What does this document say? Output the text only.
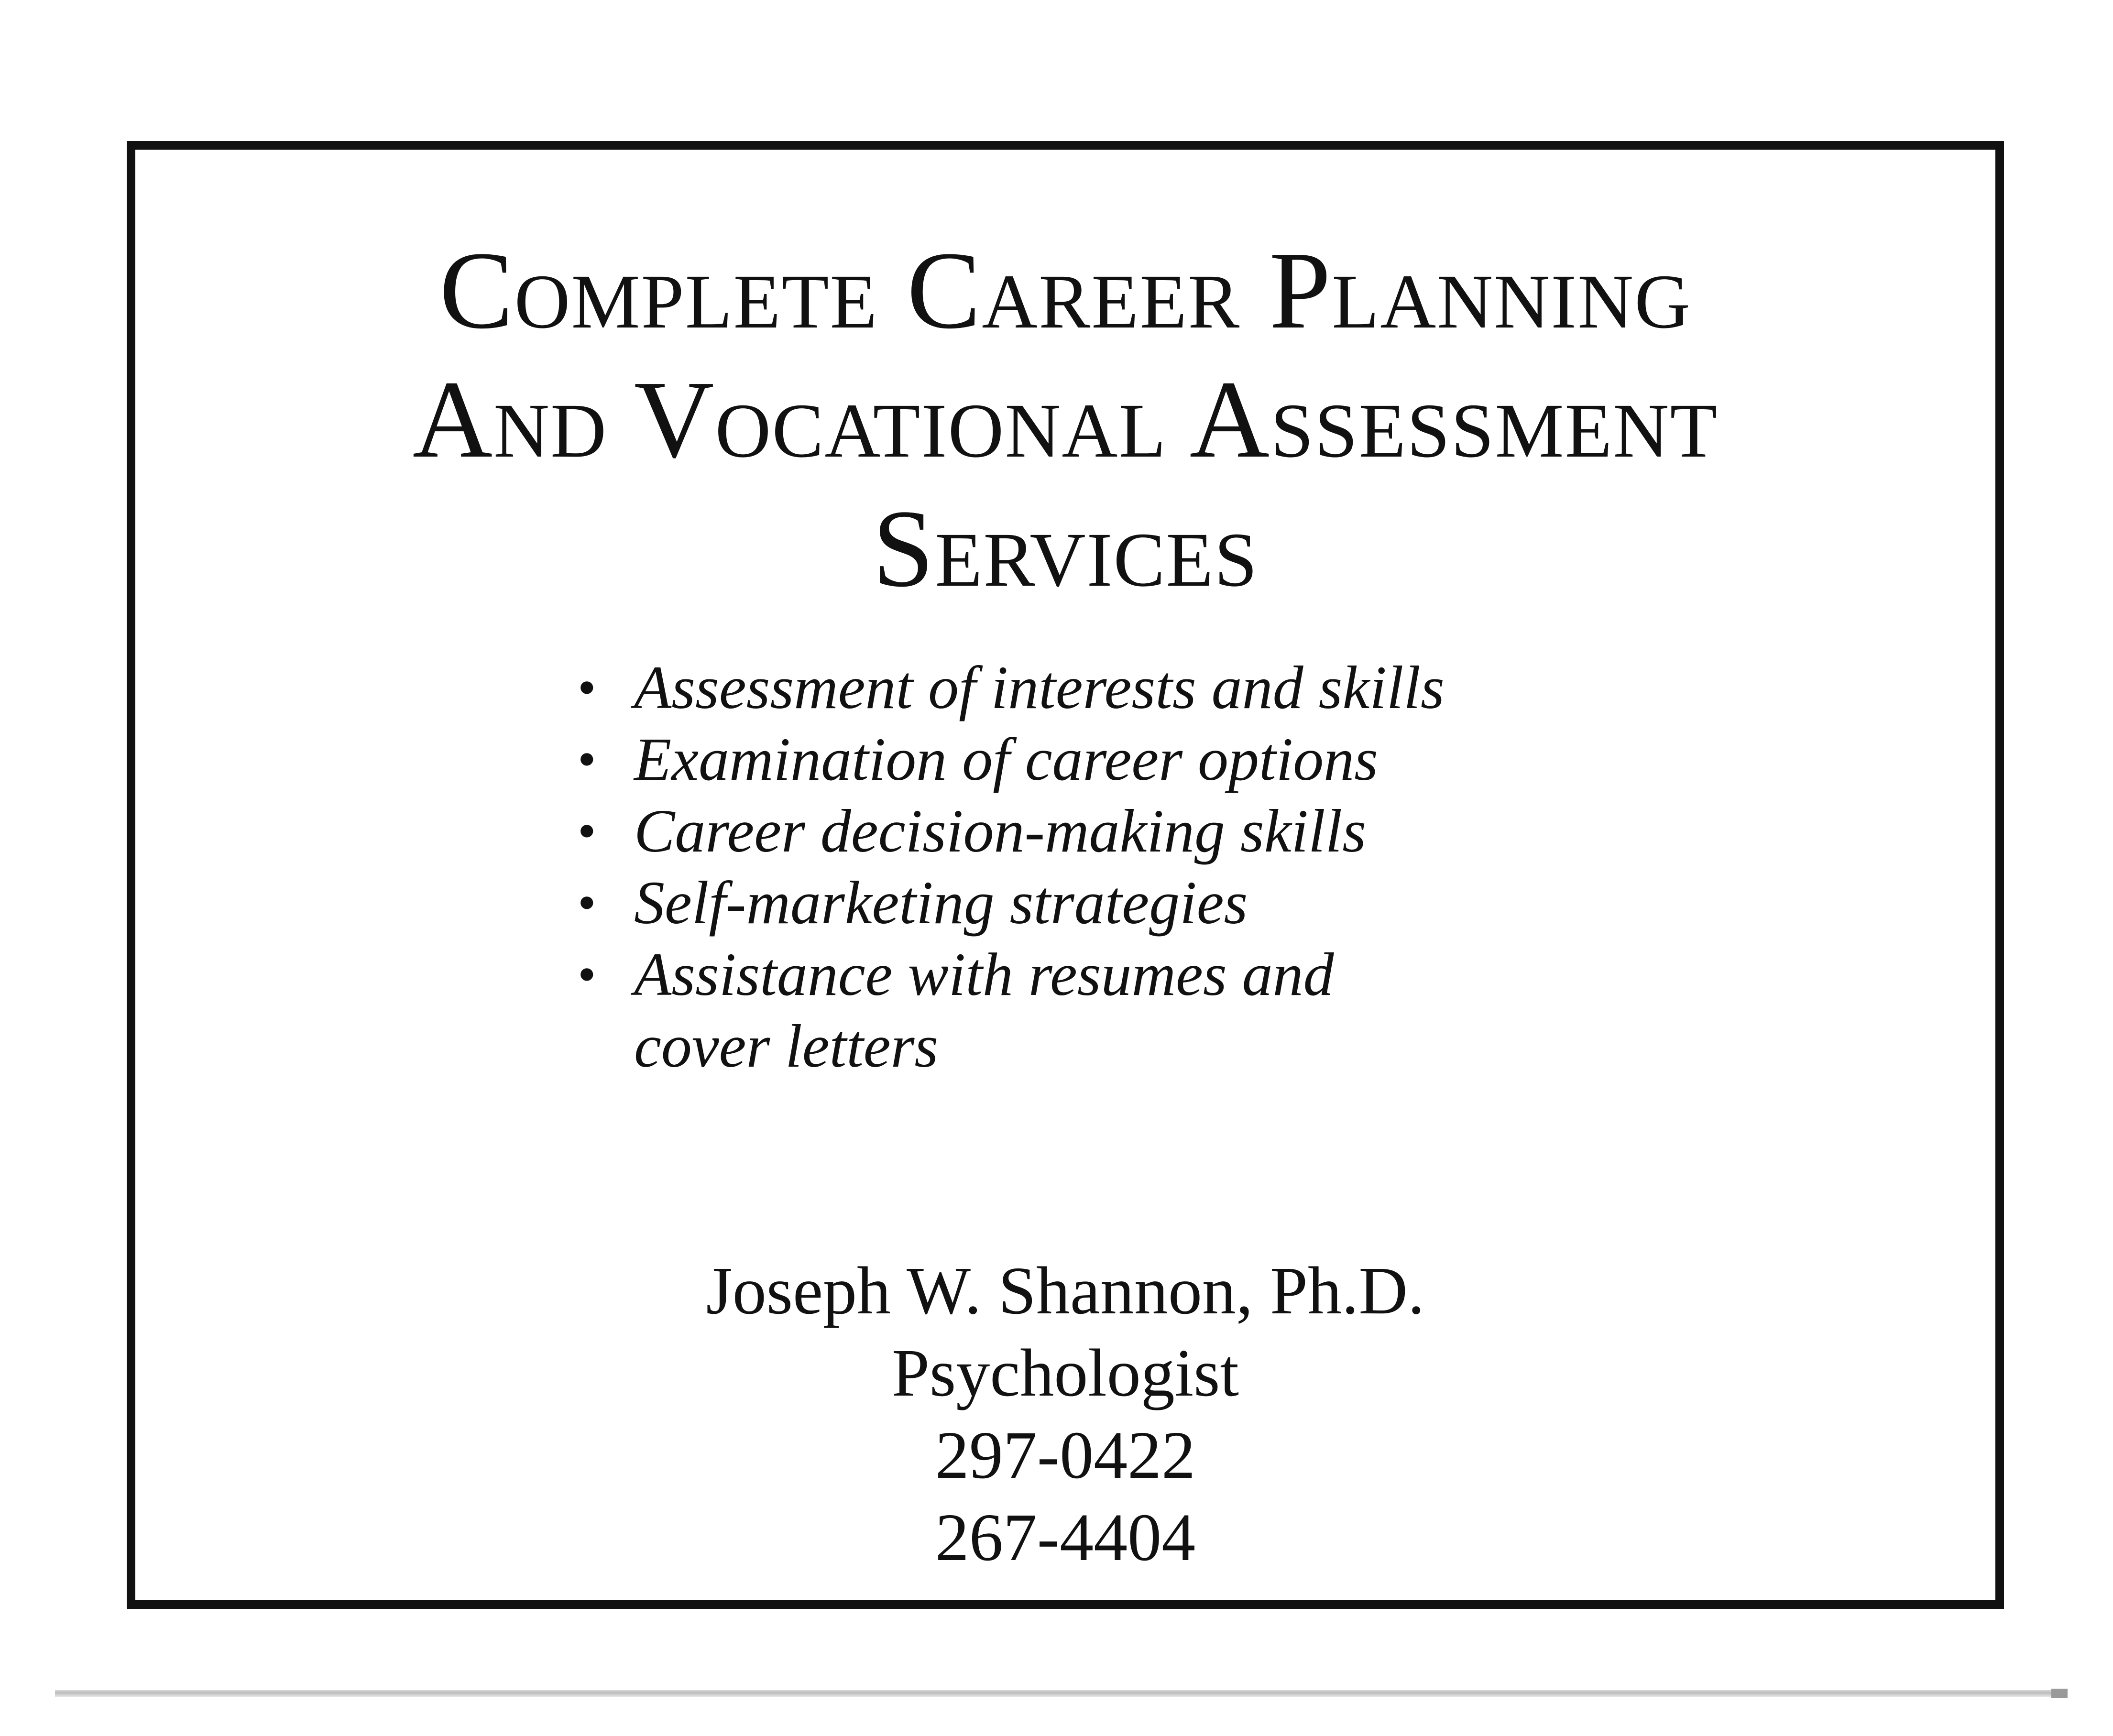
Complete Career Planning
And Vocational Assessment
Services
• Assessment of interests and skills
• Examination of career options
• Career decision-making skills
• Self-marketing strategies
• Assistance with resumes and
cover letters
Joseph W. Shannon, Ph.D.
Psychologist
297-0422
267-4404
